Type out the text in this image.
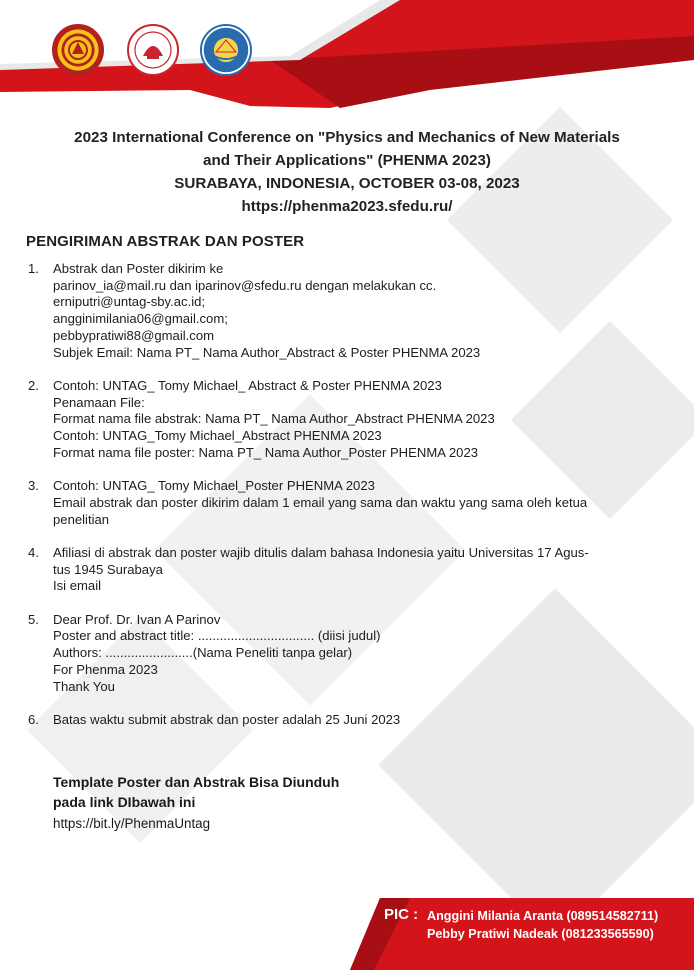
2023 International Conference on "Physics and Mechanics of New Materials
and Their Applications" (PHENMA 2023)
SURABAYA, INDONESIA, OCTOBER 03-08, 2023
https://phenma2023.sfedu.ru/
PENGIRIMAN ABSTRAK DAN POSTER
1.	Abstrak dan Poster dikirim ke
parinov_ia@mail.ru dan iparinov@sfedu.ru dengan melakukan cc.
erniputri@untag-sby.ac.id;
angginimilania06@gmail.com;
pebbypratiwi88@gmail.com
Subjek Email: Nama PT_ Nama Author_Abstract & Poster PHENMA 2023
2.	Contoh: UNTAG_ Tomy Michael_ Abstract & Poster PHENMA 2023
Penamaan File:
Format nama file abstrak: Nama PT_ Nama Author_Abstract PHENMA 2023
Contoh: UNTAG_Tomy Michael_Abstract PHENMA 2023
Format nama file poster: Nama PT_ Nama Author_Poster PHENMA 2023
3.	Contoh: UNTAG_ Tomy Michael_Poster PHENMA 2023
Email abstrak dan poster dikirim dalam 1 email yang sama dan waktu yang sama oleh ketua
penelitian
4.	Afiliasi di abstrak dan poster wajib ditulis dalam bahasa Indonesia yaitu Universitas 17 Agus-
tus 1945 Surabaya
Isi email
5.	Dear Prof. Dr. Ivan A Parinov
Poster and abstract title: ................................ (diisi judul)
Authors: ........................(Nama Peneliti tanpa gelar)
For Phenma 2023
Thank You
6.	Batas waktu submit abstrak dan poster adalah 25 Juni 2023
Template Poster dan Abstrak Bisa Diunduh
pada link DIbawah ini
https://bit.ly/PhenmaUntag
PIC : Anggini Milania Aranta (089514582711)
Pebby Pratiwi Nadeak (081233565590)
